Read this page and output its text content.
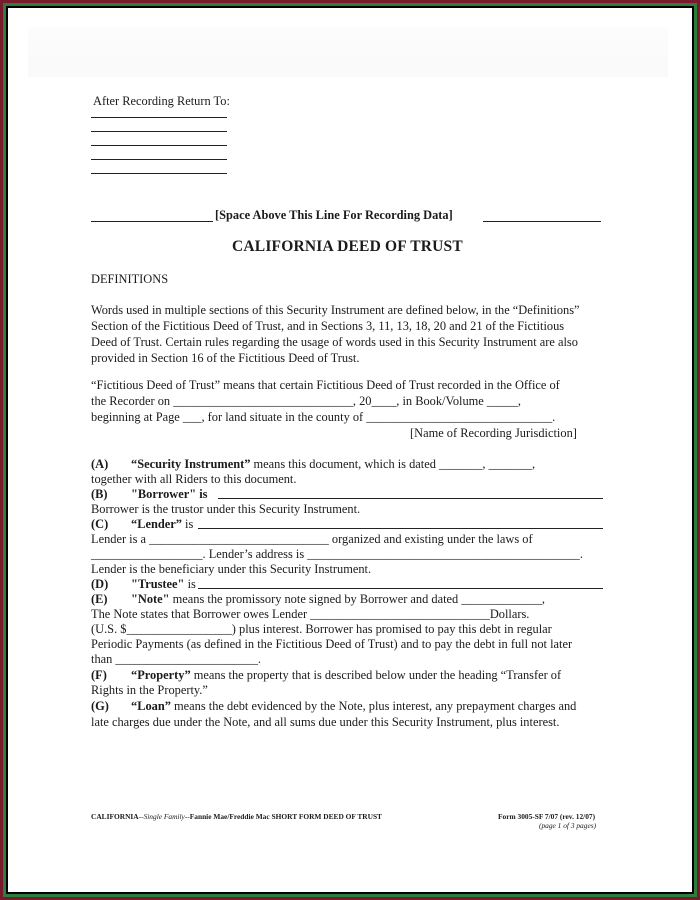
After Recording Return To:
[Space Above This Line For Recording Data]
CALIFORNIA DEED OF TRUST
DEFINITIONS
Words used in multiple sections of this Security Instrument are defined below, in the “Definitions”
Section of the Fictitious Deed of Trust, and in Sections 3, 11, 13, 18, 20 and 21 of the Fictitious
Deed of Trust. Certain rules regarding the usage of words used in this Security Instrument are also
provided in Section 16 of the Fictitious Deed of Trust.
“Fictitious Deed of Trust” means that certain Fictitious Deed of Trust recorded in the Office of
the Recorder on _____________________________, 20____, in Book/Volume _____,
beginning at Page ___, for land situate in the county of ______________________________.
[Name of Recording Jurisdiction]
(A) “Security Instrument” means this document, which is dated _______, _______,
together with all Riders to this document.
(B) "Borrower" is
Borrower is the trustor under this Security Instrument.
(C) “Lender” is
Lender is a _____________________________ organized and existing under the laws of
__________________. Lender’s address is ____________________________________________.
Lender is the beneficiary under this Security Instrument.
(D) "Trustee" is
(E) "Note" means the promissory note signed by Borrower and dated _____________,
The Note states that Borrower owes Lender _____________________________Dollars.
(U.S. $_________________) plus interest. Borrower has promised to pay this debt in regular
Periodic Payments (as defined in the Fictitious Deed of Trust) and to pay the debt in full not later
than _______________________.
(F) “Property” means the property that is described below under the heading “Transfer of
Rights in the Property.”
(G) “Loan” means the debt evidenced by the Note, plus interest, any prepayment charges and
late charges due under the Note, and all sums due under this Security Instrument, plus interest.
CALIFORNIA--Single Family--Fannie Mae/Freddie Mac SHORT FORM DEED OF TRUST	Form 3005-SF 7/07 (rev. 12/07)
(page 1 of 3 pages)
